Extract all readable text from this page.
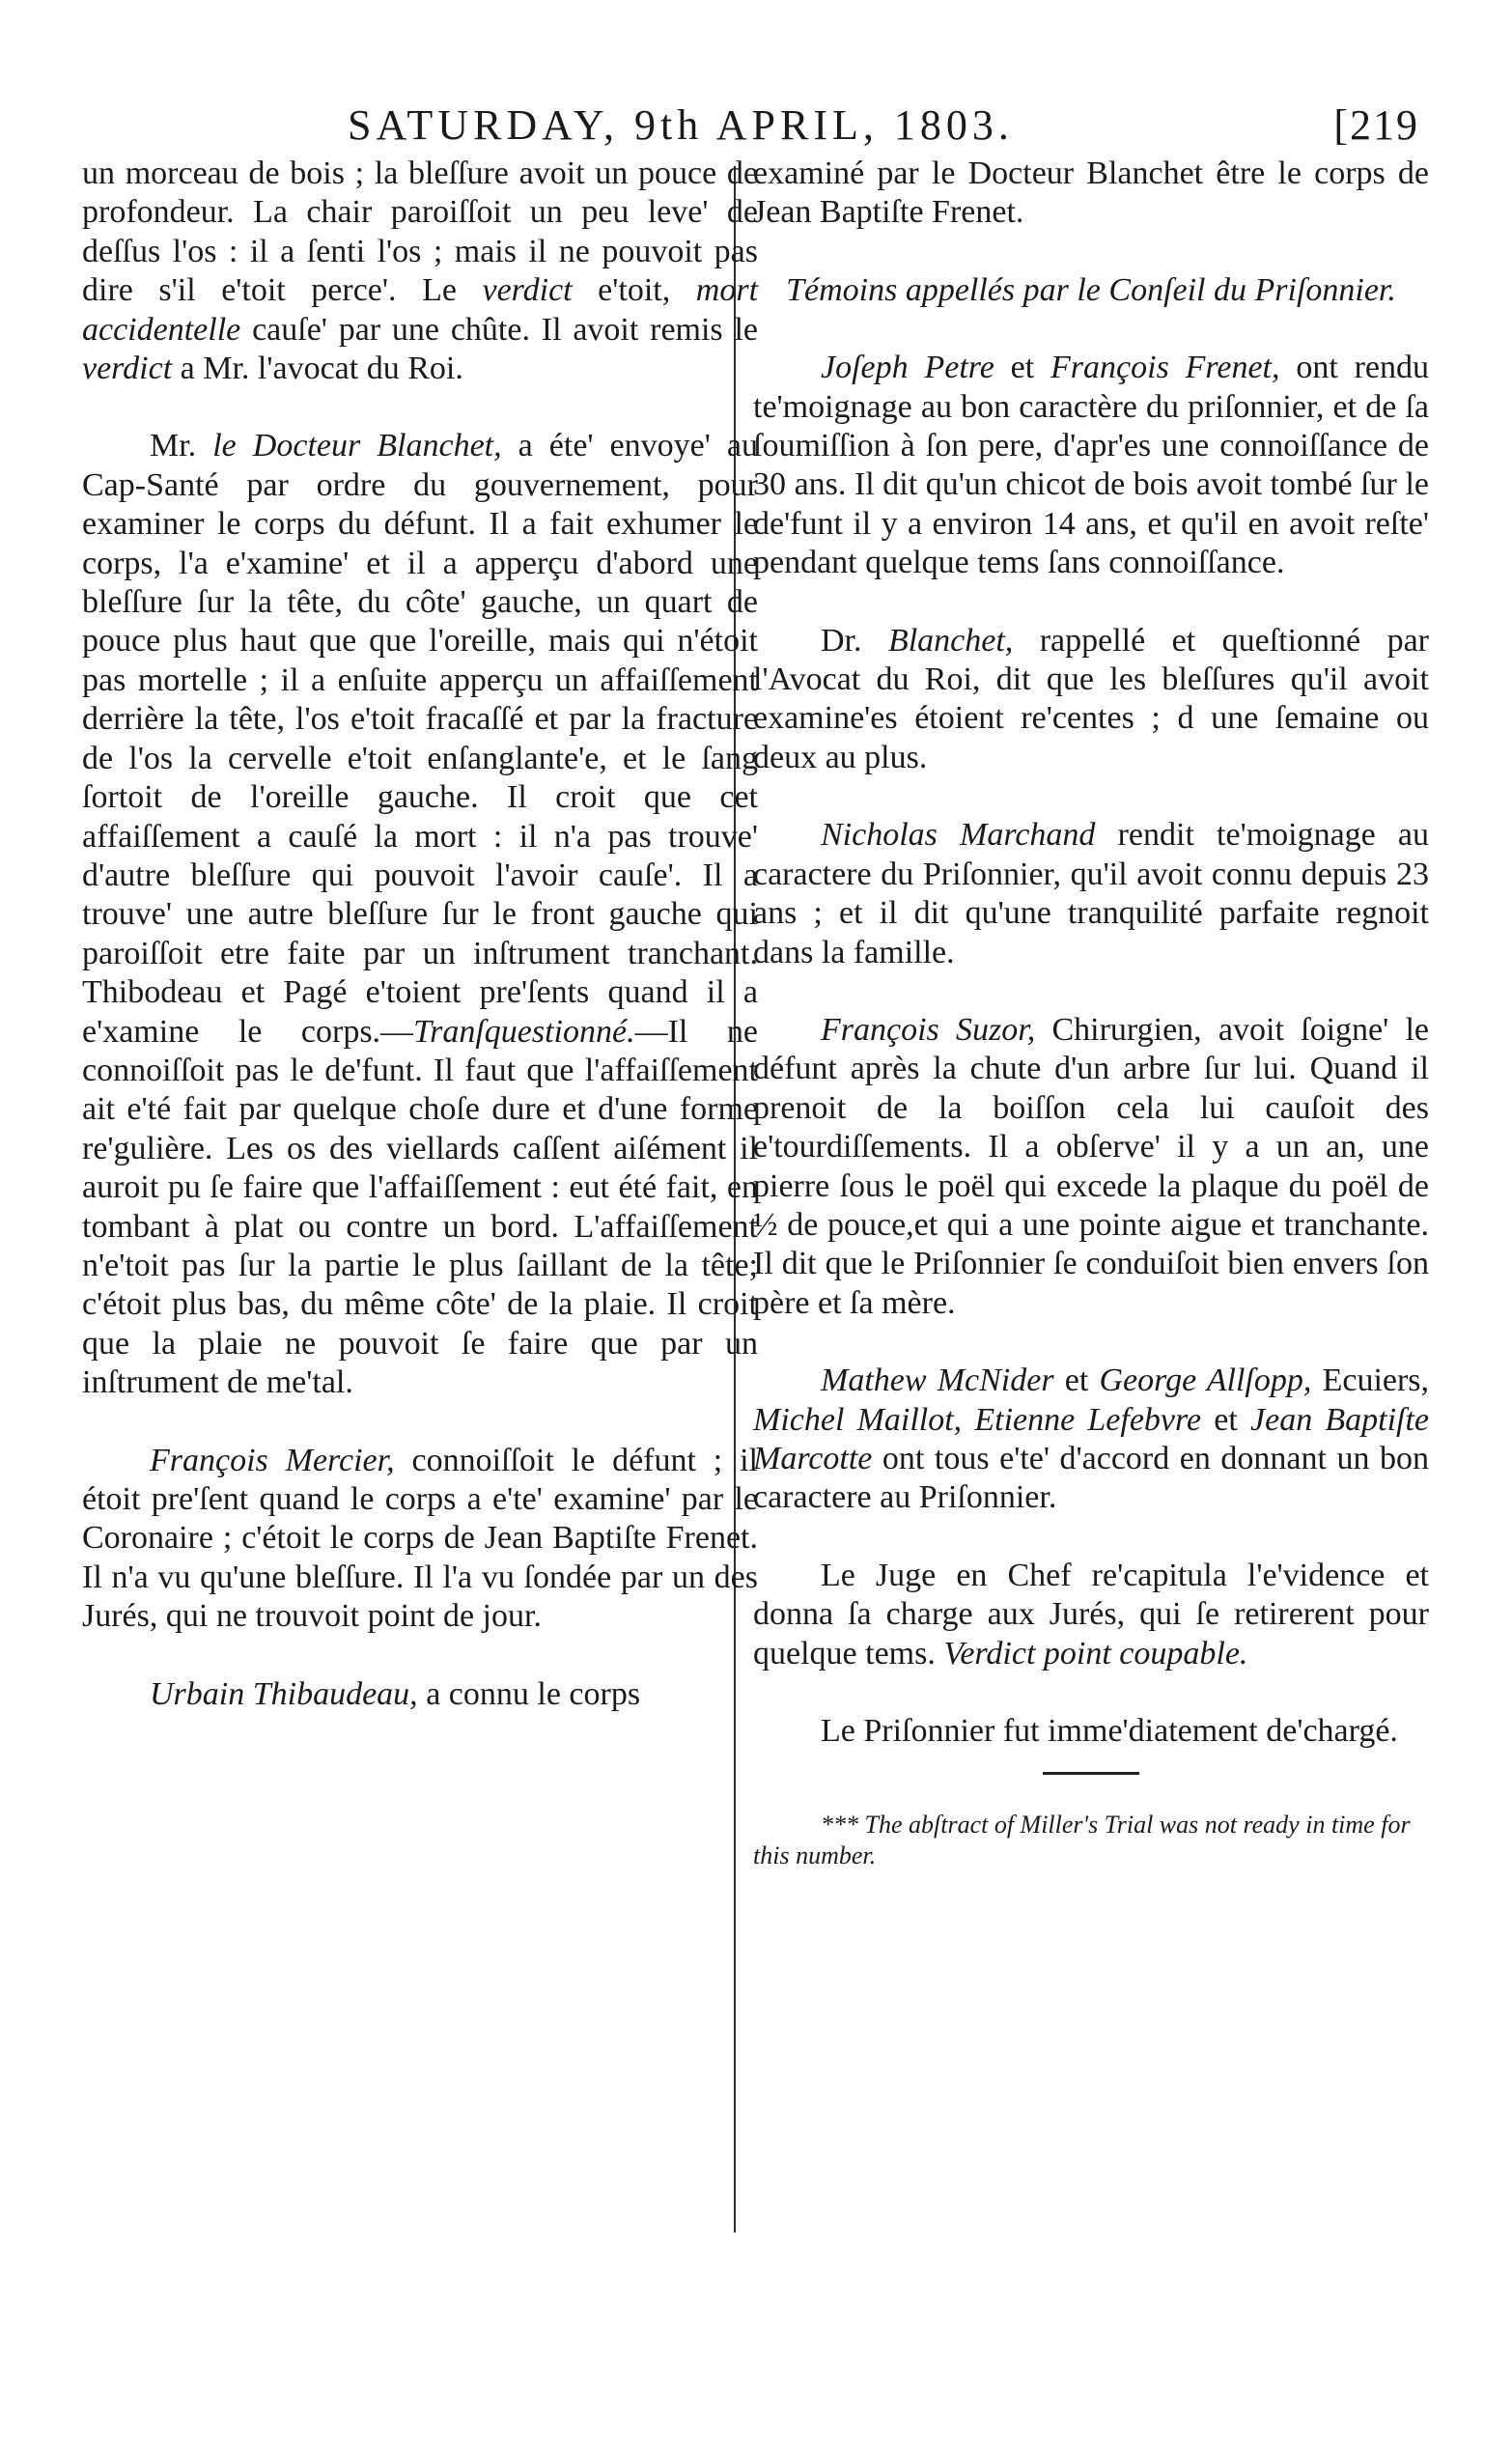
SATURDAY, 9th APRIL, 1803.	[219

un morceau de bois ; la bleſſure avoit un pouce de profondeur. La chair paroiſſoit un peu leve' de deſſus l'os : il a ſenti l'os ; mais il ne pouvoit pas dire s'il e'toit perce'. Le verdict e'toit, mort accidentelle cauſe' par une chûte. Il avoit remis le verdict a Mr. l'avocat du Roi.

Mr. le Docteur Blanchet, a éte' envoye' au Cap-Santé par ordre du gouvernement, pour examiner le corps du défunt. Il a fait exhumer le corps, l'a e'xamine' et il a apperçu d'abord une bleſſure ſur la tête, du côte' gauche, un quart de pouce plus haut que que l'oreille, mais qui n'étoit pas mortelle ; il a enſuite apperçu un affaiſſement derrière la tête, l'os e'toit fracaſſé et par la fracture de l'os la cervelle e'toit enſanglante'e, et le ſang ſortoit de l'oreille gauche. Il croit que cet affaiſſement a cauſé la mort : il n'a pas trouve' d'autre bleſſure qui pouvoit l'avoir cauſe'. Il a trouve' une autre bleſſure ſur le front gauche qui paroiſſoit etre faite par un inſtrument tranchant. Thibodeau et Pagé e'toient pre'ſents quand il a e'xamine le corps.—Tranſquestionné.—Il ne connoiſſoit pas le de'funt. Il faut que l'affaiſſement ait e'té fait par quelque choſe dure et d'une forme re'gulière. Les os des viellards caſſent aiſément il auroit pu ſe faire que l'affaiſſement : eut été fait, en tombant à plat ou contre un bord. L'affaiſſement n'e'toit pas ſur la partie le plus ſaillant de la tête; c'étoit plus bas, du même côte' de la plaie. Il croit que la plaie ne pouvoit ſe faire que par un inſtrument de me'tal.

François Mercier, connoiſſoit le défunt ; il étoit pre'ſent quand le corps a e'te' examine' par le Coronaire ; c'étoit le corps de Jean Baptiſte Frenet. Il n'a vu qu'une bleſſure. Il l'a vu ſondée par un des Jurés, qui ne trouvoit point de jour.

Urbain Thibaudeau, a connu le corps

examiné par le Docteur Blanchet être le corps de Jean Baptiſte Frenet.

Témoins appellés par le Conſeil du Priſonnier.

Joſeph Petre et François Frenet, ont rendu te'moignage au bon caractère du priſonnier, et de ſa ſoumiſſion à ſon pere, d'apr'es une connoiſſance de 30 ans. Il dit qu'un chicot de bois avoit tombé ſur le de'funt il y a environ 14 ans, et qu'il en avoit reſte' pendant quelque tems ſans connoiſſance.

Dr. Blanchet, rappellé et queſtionné par l'Avocat du Roi, dit que les bleſſures qu'il avoit examine'es étoient re'centes ; d une ſemaine ou deux au plus.

Nicholas Marchand rendit te'moignage au caractere du Priſonnier, qu'il avoit connu depuis 23 ans ; et il dit qu'une tranquilité parfaite regnoit dans la famille.

François Suzor, Chirurgien, avoit ſoigne' le défunt après la chute d'un arbre ſur lui. Quand il prenoit de la boiſſon cela lui cauſoit des e'tourdiſſements. Il a obſerve' il y a un an, une pierre ſous le poël qui excede la plaque du poël de ½ de pouce,et qui a une pointe aigue et tranchante. Il dit que le Priſonnier ſe conduiſoit bien envers ſon père et ſa mère.

Mathew McNider et George Allſopp, Ecuiers, Michel Maillot, Etienne Lefebvre et Jean Baptiſte Marcotte ont tous e'te' d'accord en donnant un bon caractere au Priſonnier.

Le Juge en Chef re'capitula l'e'vidence et donna ſa charge aux Jurés, qui ſe retirerent pour quelque tems. Verdict point coupable.

Le Priſonnier fut imme'diatement de'chargé.

*** The abſtract of Miller's Trial was not ready in time for this number.
